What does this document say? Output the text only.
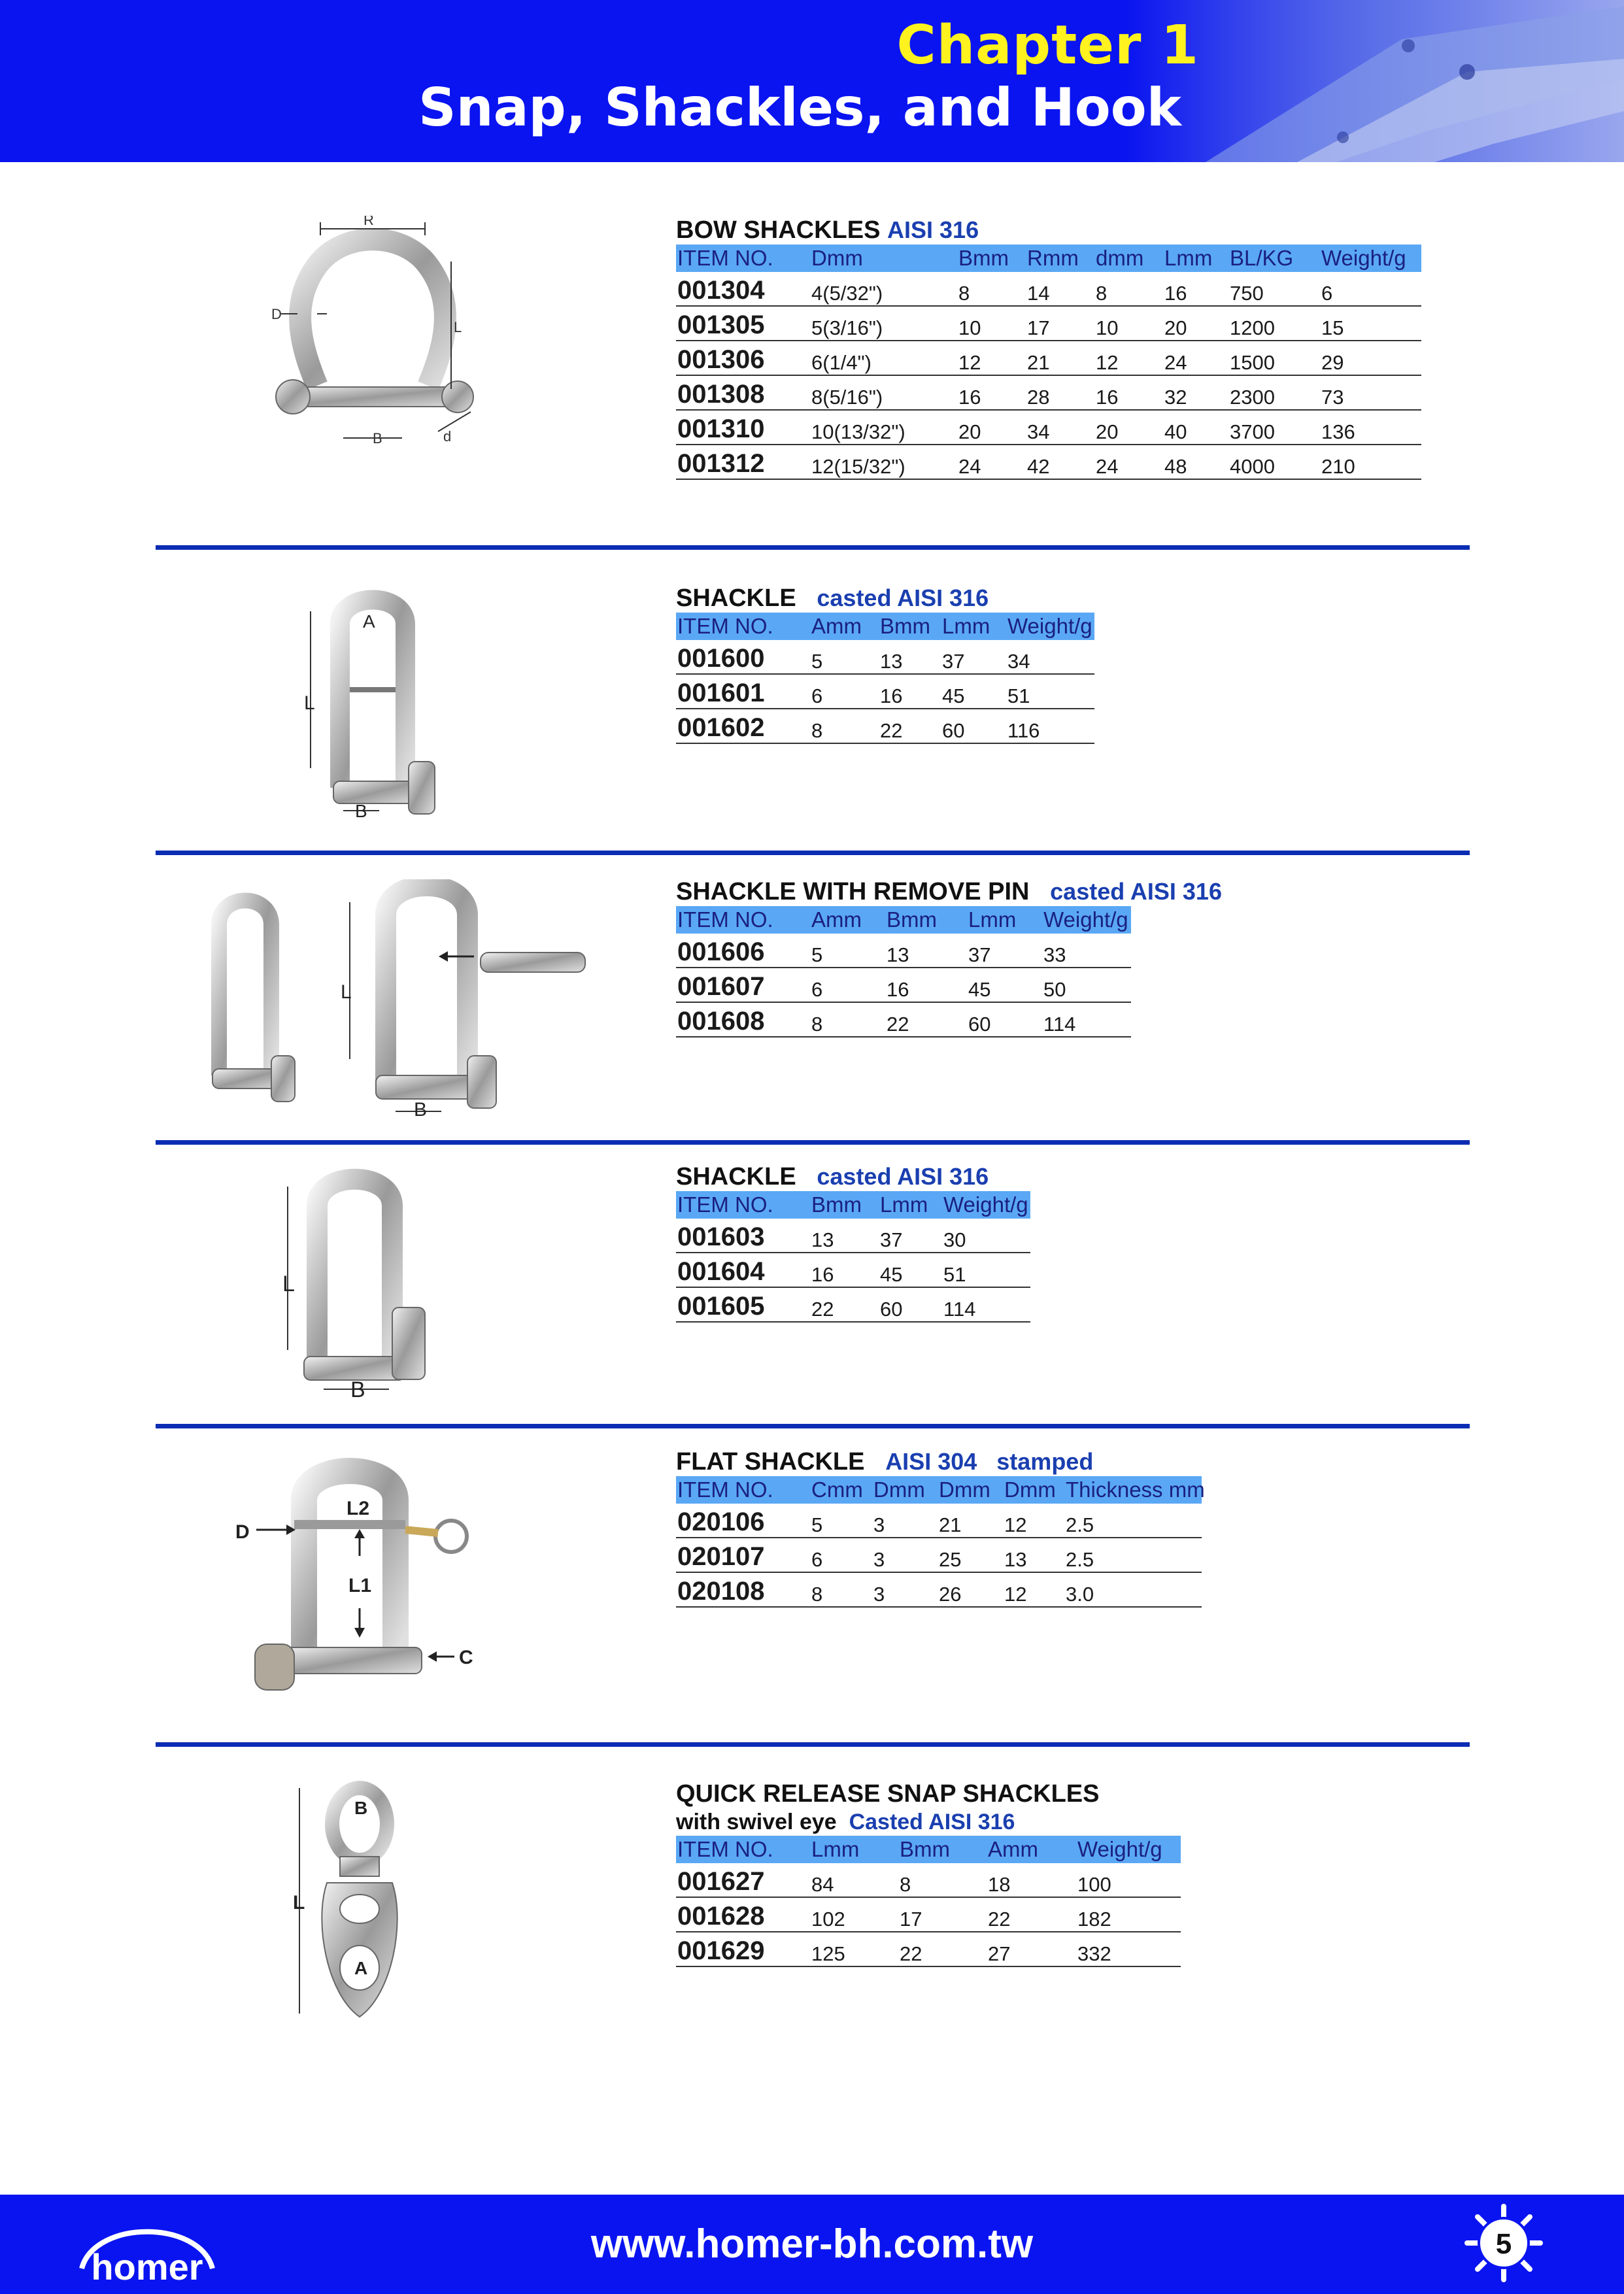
Chapter 1
Snap, Shackles, and Hook
R
D
L
B	d
BOW SHACKLES AISI 316
ITEM NO.	Dmm	Bmm	Rmm	dmm	Lmm	BL/KG	Weight/g
001304	4(5/32")	8	14	8	16	750	6
001305	5(3/16")	10	17	10	20	1200	15
001306	6(1/4")	12	21	12	24	1500	29
001308	8(5/16")	16	28	16	32	2300	73
001310	10(13/32")	20	34	20	40	3700	136
001312	12(15/32")	24	42	24	48	4000	210
A
L
B
SHACKLE casted AISI 316
ITEM NO.	Amm	Bmm	Lmm	Weight/g
001600	5	13	37	34
001601	6	16	45	51
001602	8	22	60	116
L
B
SHACKLE WITH REMOVE PIN casted AISI 316
ITEM NO.	Amm	Bmm	Lmm	Weight/g
001606	5	13	37	33
001607	6	16	45	50
001608	8	22	60	114
L
B
SHACKLE casted AISI 316
ITEM NO.	Bmm	Lmm	Weight/g
001603	13	37	30
001604	16	45	51
001605	22	60	114
D
L2
L1
C
FLAT SHACKLE AISI 304   stamped
ITEM NO.	Cmm	Dmm	Dmm	Dmm	Thickness mm
020106	5	3	21	12	2.5
020107	6	3	25	13	2.5
020108	8	3	26	12	3.0
B
L
A
QUICK RELEASE SNAP SHACKLES
with swivel eye Casted AISI 316
ITEM NO.	Lmm	Bmm	Amm	Weight/g
001627	84	8	18	100
001628	102	17	22	182
001629	125	22	27	332
homer
www.homer-bh.com.tw	5
